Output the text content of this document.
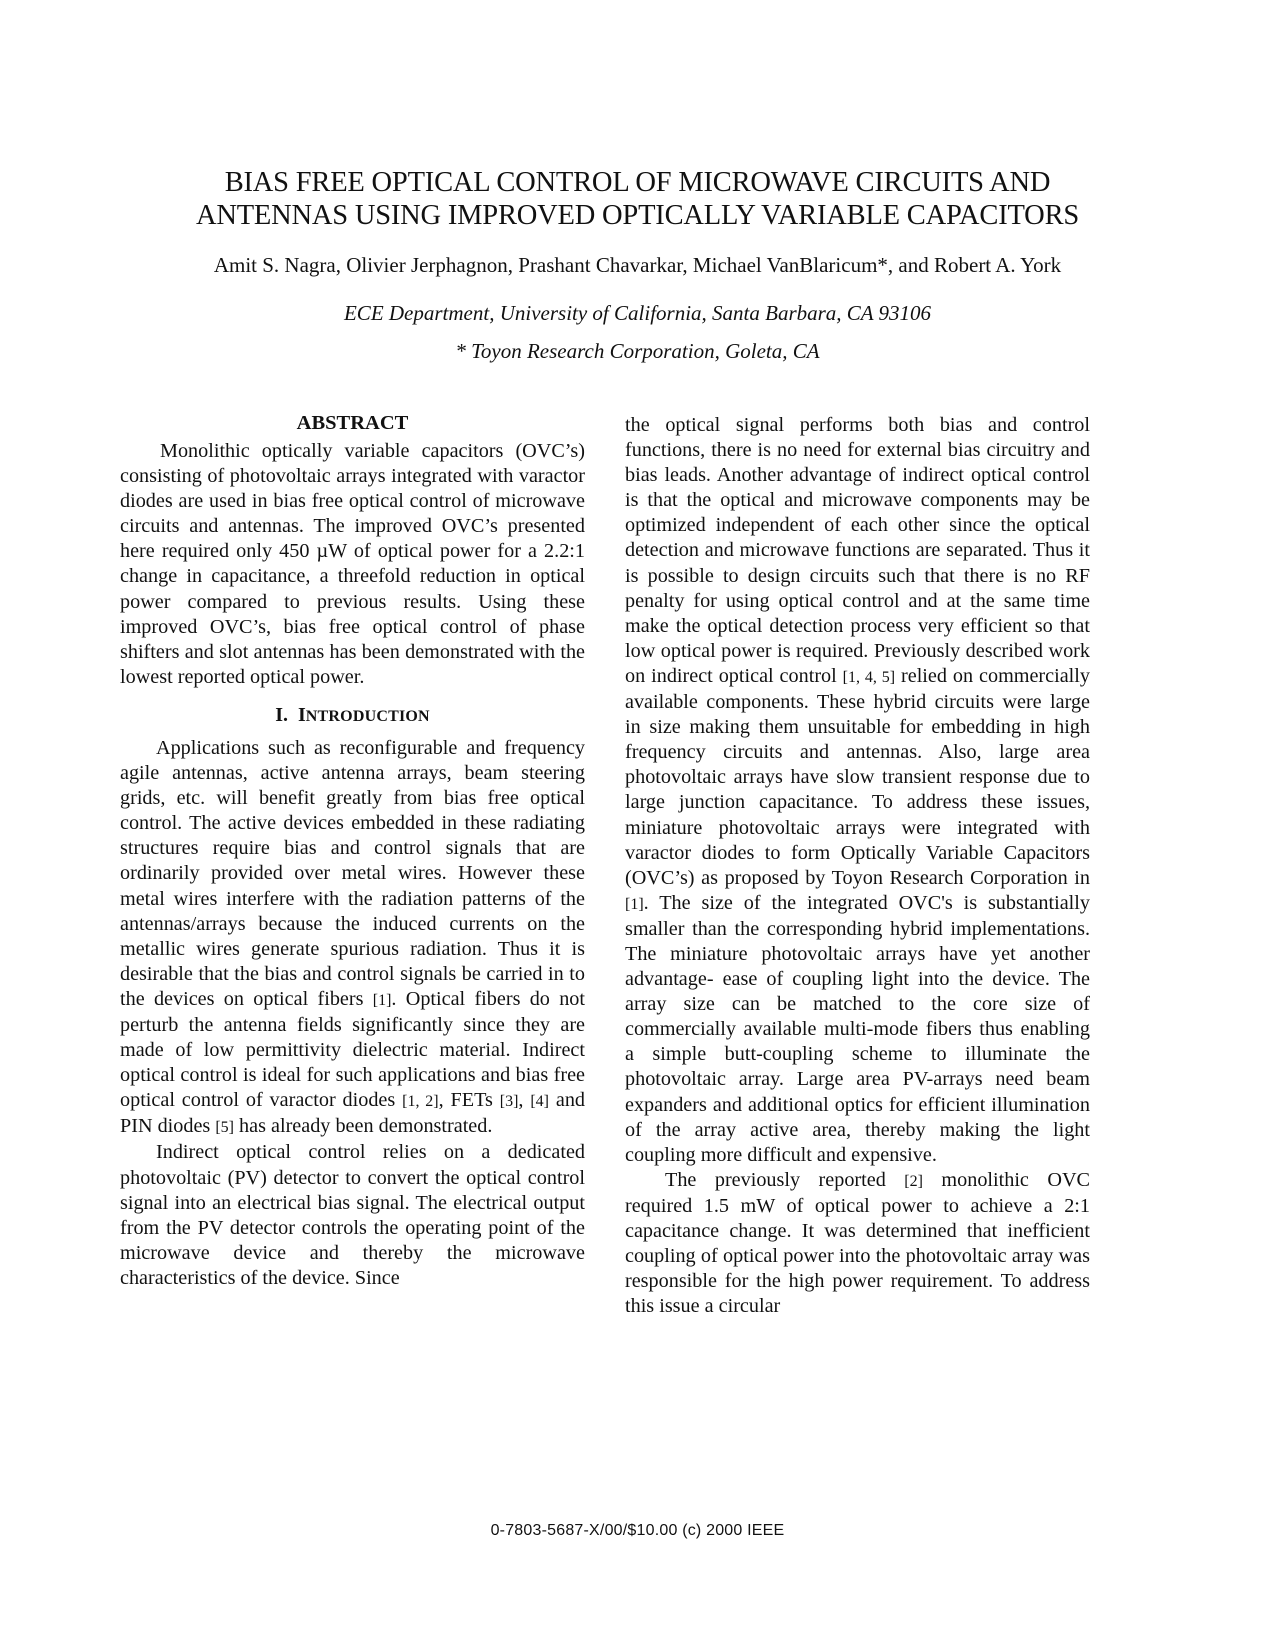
BIAS FREE OPTICAL CONTROL OF MICROWAVE CIRCUITS AND
ANTENNAS USING IMPROVED OPTICALLY VARIABLE CAPACITORS
Amit S. Nagra, Olivier Jerphagnon, Prashant Chavarkar, Michael VanBlaricum*, and Robert A. York
ECE Department, University of California, Santa Barbara, CA 93106
* Toyon Research Corporation, Goleta, CA
ABSTRACT

Monolithic optically variable capacitors (OVC’s) consisting of photovoltaic arrays integrated with varactor diodes are used in bias free optical control of microwave circuits and antennas. The improved OVC’s presented here required only 450 µW of optical power for a 2.2:1 change in capacitance, a threefold reduction in optical power compared to previous results. Using these improved OVC’s, bias free optical control of phase shifters and slot antennas has been demonstrated with the lowest reported optical power.

I. INTRODUCTION

Applications such as reconfigurable and frequency agile antennas, active antenna arrays, beam steering grids, etc. will benefit greatly from bias free optical control. The active devices embedded in these radiating structures require bias and control signals that are ordinarily provided over metal wires. However these metal wires interfere with the radiation patterns of the antennas/arrays because the induced currents on the metallic wires generate spurious radiation. Thus it is desirable that the bias and control signals be carried in to the devices on optical fibers [1]. Optical fibers do not perturb the antenna fields significantly since they are made of low permittivity dielectric material. Indirect optical control is ideal for such applications and bias free optical control of varactor diodes [1, 2], FETs [3], [4] and PIN diodes [5] has already been demonstrated.

Indirect optical control relies on a dedicated photovoltaic (PV) detector to convert the optical control signal into an electrical bias signal. The electrical output from the PV detector controls the operating point of the microwave device and thereby the microwave characteristics of the device. Since

the optical signal performs both bias and control functions, there is no need for external bias circuitry and bias leads. Another advantage of indirect optical control is that the optical and microwave components may be optimized independent of each other since the optical detection and microwave functions are separated. Thus it is possible to design circuits such that there is no RF penalty for using optical control and at the same time make the optical detection process very efficient so that low optical power is required. Previously described work on indirect optical control [1, 4, 5] relied on commercially available components. These hybrid circuits were large in size making them unsuitable for embedding in high frequency circuits and antennas. Also, large area photovoltaic arrays have slow transient response due to large junction capacitance. To address these issues, miniature photovoltaic arrays were integrated with varactor diodes to form Optically Variable Capacitors (OVC’s) as proposed by Toyon Research Corporation in [1]. The size of the integrated OVC's is substantially smaller than the corresponding hybrid implementations. The miniature photovoltaic arrays have yet another advantage- ease of coupling light into the device. The array size can be matched to the core size of commercially available multi-mode fibers thus enabling a simple butt-coupling scheme to illuminate the photovoltaic array. Large area PV-arrays need beam expanders and additional optics for efficient illumination of the array active area, thereby making the light coupling more difficult and expensive.

The previously reported [2] monolithic OVC required 1.5 mW of optical power to achieve a 2:1 capacitance change. It was determined that inefficient coupling of optical power into the photovoltaic array was responsible for the high power requirement. To address this issue a circular

0-7803-5687-X/00/$10.00 (c) 2000 IEEE
